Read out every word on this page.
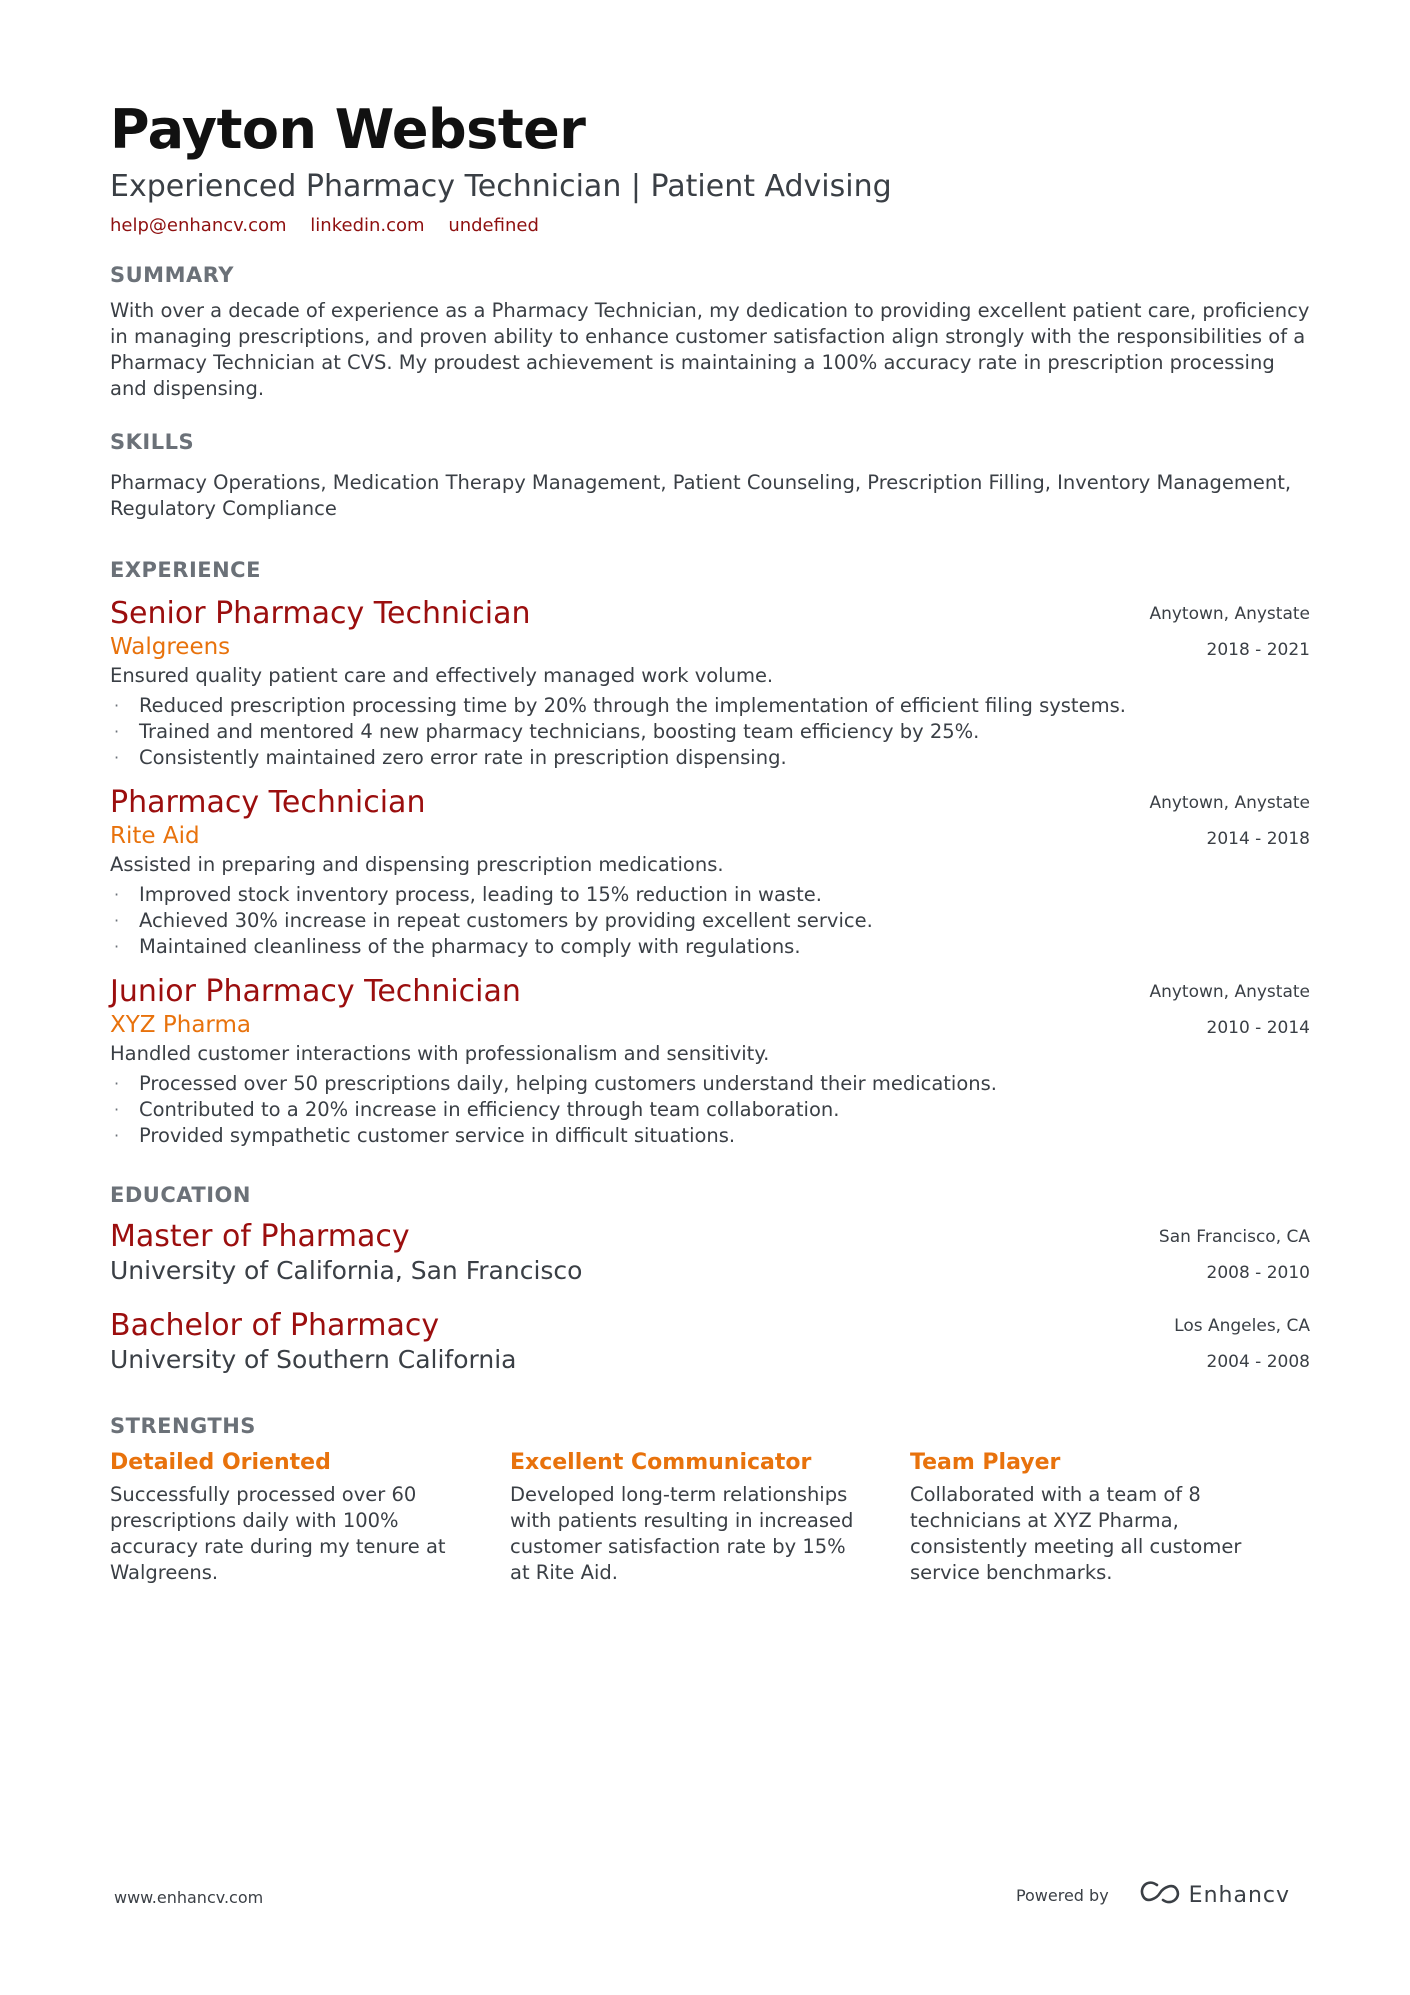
Payton Webster
Experienced Pharmacy Technician | Patient Advising
help@enhancv.com linkedin.com undefined
SUMMARY
With over a decade of experience as a Pharmacy Technician, my dedication to providing excellent patient care, proficiency in managing prescriptions, and proven ability to enhance customer satisfaction align strongly with the responsibilities of a Pharmacy Technician at CVS. My proudest achievement is maintaining a 100% accuracy rate in prescription processing and dispensing.
SKILLS
Pharmacy Operations, Medication Therapy Management, Patient Counseling, Prescription Filling, Inventory Management, Regulatory Compliance
EXPERIENCE
Senior Pharmacy Technician
Walgreens
Anytown, Anystate
2018 - 2021
Ensured quality patient care and effectively managed work volume.
· Reduced prescription processing time by 20% through the implementation of efficient filing systems.
· Trained and mentored 4 new pharmacy technicians, boosting team efficiency by 25%.
· Consistently maintained zero error rate in prescription dispensing.
Pharmacy Technician
Rite Aid
Anytown, Anystate
2014 - 2018
Assisted in preparing and dispensing prescription medications.
· Improved stock inventory process, leading to 15% reduction in waste.
· Achieved 30% increase in repeat customers by providing excellent service.
· Maintained cleanliness of the pharmacy to comply with regulations.
Junior Pharmacy Technician
XYZ Pharma
Anytown, Anystate
2010 - 2014
Handled customer interactions with professionalism and sensitivity.
· Processed over 50 prescriptions daily, helping customers understand their medications.
· Contributed to a 20% increase in efficiency through team collaboration.
· Provided sympathetic customer service in difficult situations.
EDUCATION
Master of Pharmacy
University of California, San Francisco
San Francisco, CA
2008 - 2010
Bachelor of Pharmacy
University of Southern California
Los Angeles, CA
2004 - 2008
STRENGTHS
Detailed Oriented
Successfully processed over 60 prescriptions daily with 100% accuracy rate during my tenure at Walgreens.
Excellent Communicator
Developed long-term relationships with patients resulting in increased customer satisfaction rate by 15% at Rite Aid.
Team Player
Collaborated with a team of 8 technicians at XYZ Pharma, consistently meeting all customer service benchmarks.
www.enhancv.com	Powered by	Enhancv
